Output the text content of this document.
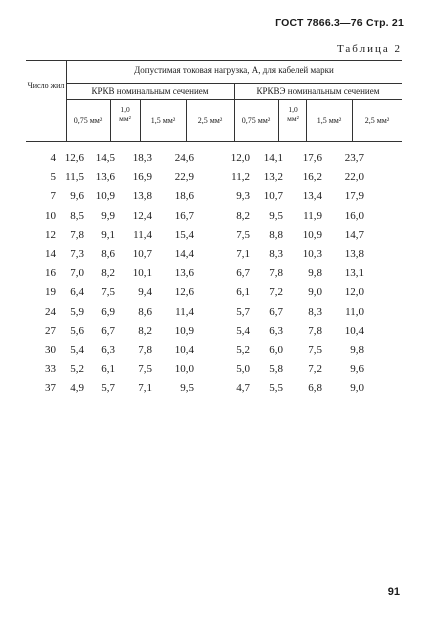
ГОСТ 7866.3—76 Стр. 21
Таблица 2
Допустимая токовая нагрузка, А, для кабелей марки
Число жил
КРКВ номинальным сечением	КРКВЭ номинальным сечением
0,75 мм²
1,0 мм²	1,5 мм²	2,5 мм²	0,75 мм²
1,0 мм²	1,5 мм²	2,5 мм²
4 12,6	14,5	18,3	24,6	12,0	14,1	17,6	23,7
5 11,5	13,6	16,9	22,9	11,2	13,2	16,2	22,0
7	9,6	10,9	13,8	18,6	9,3	10,7	13,4	17,9
10	8,5	9,9	12,4	16,7	8,2	9,5	11,9	16,0
12	7,8	9,1	11,4	15,4	7,5	8,8	10,9	14,7
14	7,3	8,6	10,7	14,4	7,1	8,3	10,3	13,8
16	7,0	8,2	10,1	13,6	6,7	7,8	9,8	13,1
19	6,4	7,5	9,4	12,6	6,1	7,2	9,0	12,0
24	5,9	6,9	8,6	11,4	5,7	6,7	8,3	11,0
27	5,6	6,7	8,2	10,9	5,4	6,3	7,8	10,4
30	5,4	6,3	7,8	10,4	5,2	6,0	7,5	9,8
33	5,2	6,1	7,5	10,0	5,0	5,8	7,2	9,6
37	4,9	5,7	7,1	9,5	4,7	5,5	6,8	9,0
91
